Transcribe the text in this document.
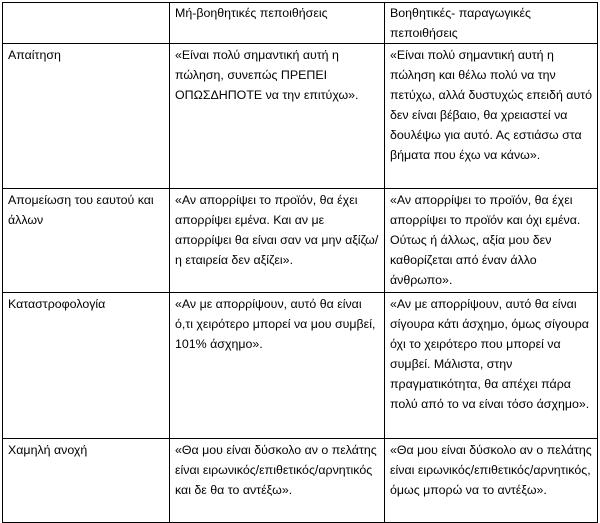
	Μή-βοηθητικές πεποιθήσεις	Βοηθητικές- παραγωγικές πεποιθήσεις
Απαίτηση	«Είναι πολύ σημαντική αυτή η πώληση, συνεπώς ΠΡΕΠΕΙ ΟΠΩΣΔΗΠΟΤΕ να την επιτύχω».	«Είναι πολύ σημαντική αυτή η πώληση και θέλω πολύ να την πετύχω, αλλά δυστυχώς επειδή αυτό δεν είναι βέβαιο, θα χρειαστεί να δουλέψω για αυτό. Ας εστιάσω στα βήματα που έχω να κάνω».
Απομείωση του εαυτού και άλλων	«Αν απορρίψει το προϊόν, θα έχει απορρίψει εμένα. Και αν με απορρίψει θα είναι σαν να μην αξίζω/η εταιρεία δεν αξίζει».	«Αν απορρίψει το προϊόν, θα έχει απορρίψει το προϊόν και όχι εμένα. Ούτως ή άλλως, αξία μου δεν καθορίζεται από έναν άλλο άνθρωπο».
Καταστροφολογία	«Αν με απορρίψουν, αυτό θα είναι ό,τι χειρότερο μπορεί να μου συμβεί, 101% άσχημο».	«Αν με απορρίψουν, αυτό θα είναι σίγουρα κάτι άσχημο, όμως σίγουρα όχι το χειρότερο που μπορεί να συμβεί. Μάλιστα, στην πραγματικότητα, θα απέχει πάρα πολύ από το να είναι τόσο άσχημο».
Χαμηλή ανοχή	«Θα μου είναι δύσκολο αν ο πελάτης είναι ειρωνικός/επιθετικός/αρνητικός και δε θα το αντέξω».	«Θα μου είναι δύσκολο αν ο πελάτης είναι ειρωνικός/επιθετικός/αρνητικός, όμως μπορώ να το αντέξω».
